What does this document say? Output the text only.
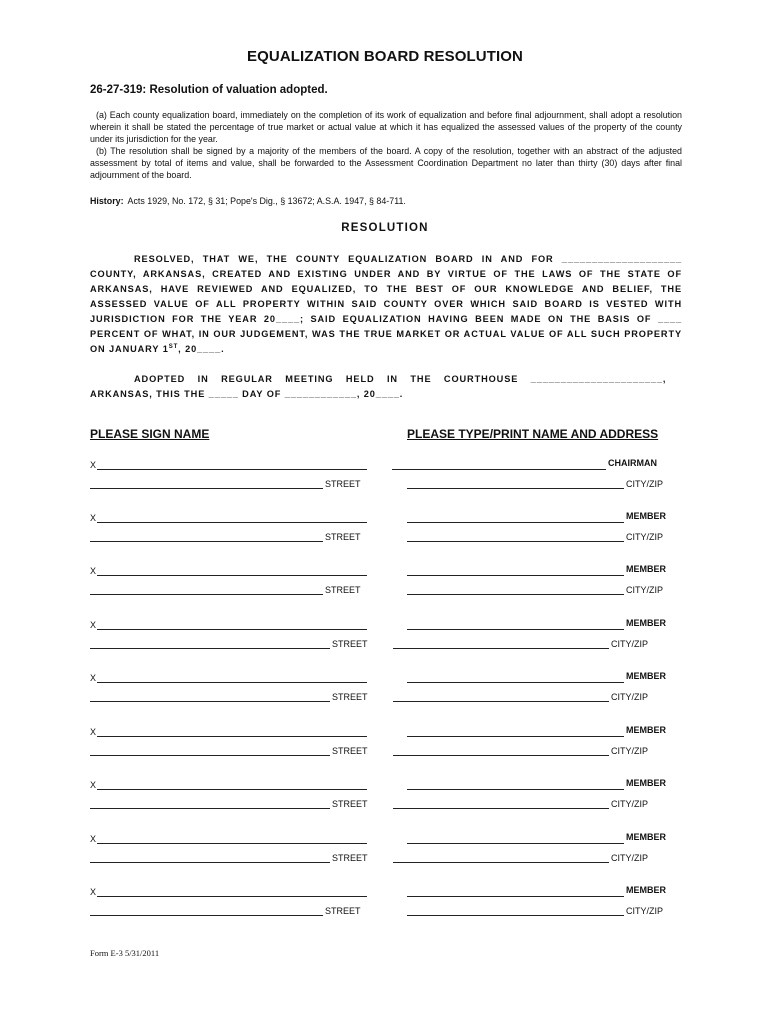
EQUALIZATION BOARD RESOLUTION
26-27-319: Resolution of valuation adopted.

(a) Each county equalization board, immediately on the completion of its work of equalization and before final adjournment, shall adopt a resolution wherein it shall be stated the percentage of true market or actual value at which it has equalized the assessed values of the property of the county under its jurisdiction for the year.

(b) The resolution shall be signed by a majority of the members of the board. A copy of the resolution, together with an abstract of the adjusted assessment by total of items and value, shall be forwarded to the Assessment Coordination Department no later than thirty (30) days after final adjournment of the board.

History: Acts 1929, No. 172, § 31; Pope's Dig., § 13672; A.S.A. 1947, § 84-711.
RESOLUTION

RESOLVED, THAT WE, THE COUNTY EQUALIZATION BOARD IN AND FOR ____________________ COUNTY, ARKANSAS, CREATED AND EXISTING UNDER AND BY VIRTUE OF THE LAWS OF THE STATE OF ARKANSAS, HAVE REVIEWED AND EQUALIZED, TO THE BEST OF OUR KNOWLEDGE AND BELIEF, THE ASSESSED VALUE OF ALL PROPERTY WITHIN SAID COUNTY OVER WHICH SAID BOARD IS VESTED WITH JURISDICTION FOR THE YEAR 20____; SAID EQUALIZATION HAVING BEEN MADE ON THE BASIS OF ____ PERCENT OF WHAT, IN OUR JUDGEMENT, WAS THE TRUE MARKET OR ACTUAL VALUE OF ALL SUCH PROPERTY ON JANUARY 1ST, 20____.

ADOPTED IN REGULAR MEETING HELD IN THE COURTHOUSE ______________________,

ARKANSAS, THIS THE _____ DAY OF ____________, 20____.

PLEASE SIGN NAME	PLEASE TYPE/PRINT NAME AND ADDRESS
X	CHAIRMAN
STREET	CITY/ZIP
X	MEMBER
STREET	CITY/ZIP
X	MEMBER
STREET	CITY/ZIP
X	MEMBER
STREET	CITY/ZIP
X	MEMBER
STREET	CITY/ZIP
X	MEMBER
STREET	CITY/ZIP
X	MEMBER
STREET	CITY/ZIP
X	MEMBER
STREET	CITY/ZIP
X	MEMBER
STREET	CITY/ZIP
Form E-3 5/31/2011
